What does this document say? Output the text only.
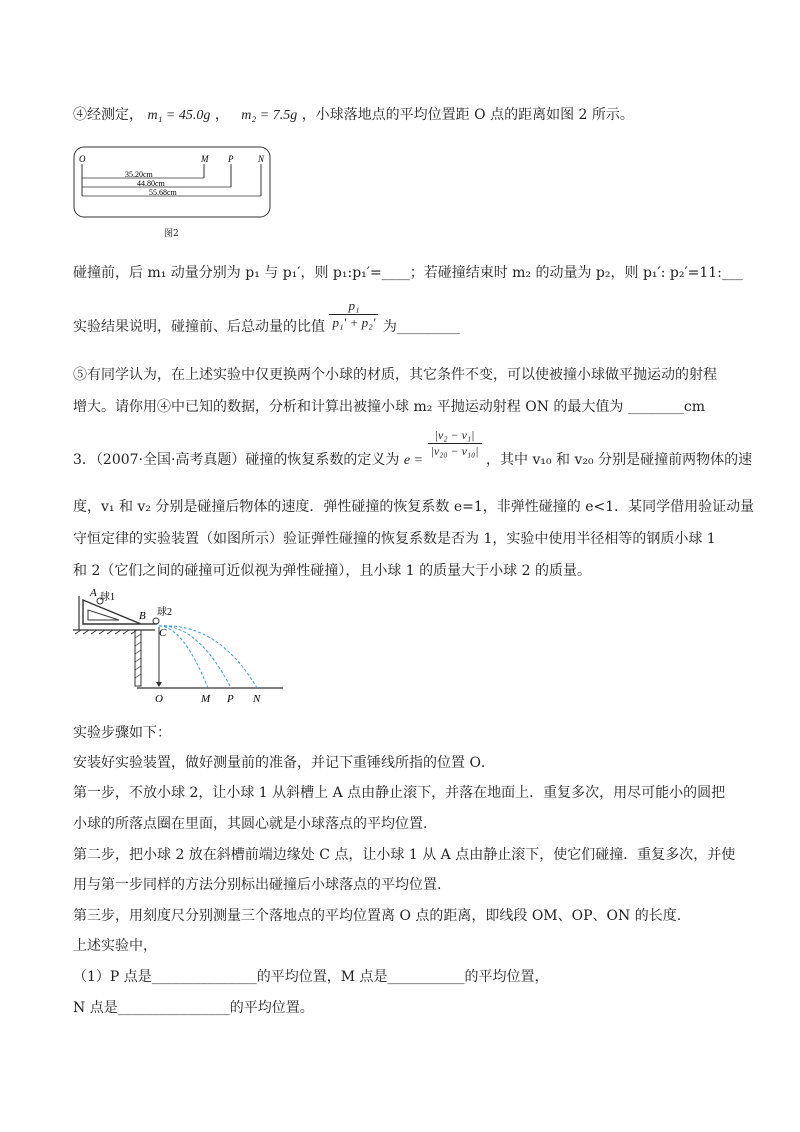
④经测定， m₁ = 45.0g ， m₂ = 7.5g ，小球落地点的平均位置距 O 点的距离如图 2 所示。
O	M P	N
35.20cm
44.80cm
55.68cm
图2
碰撞前，后 m₁ 动量分别为 p₁ 与 p₁′，则 p₁:p₁′=____；若碰撞结束时 m₂ 的动量为 p₂，则 p₁′: p₂′=11:___
实验结果说明，碰撞前、后总动量的比值 $\frac{\text{p₁}}{\text{p₁′ + p₂′}}$ 为_________
⑤有同学认为，在上述实验中仅更换两个小球的材质，其它条件不变，可以使被撞小球做平抛运动的射程
增大。请你用④中已知的数据，分析和计算出被撞小球 m₂ 平抛运动射程 ON 的最大值为 ________cm
3．（2007·全国·高考真题）碰撞的恢复系数的定义为 e =
$\frac{\text{|v₂ − v₁|}}{\text{|v₂₀ − v₁₀|}}$
，其中 v₁₀ 和 v₂₀ 分别是碰撞前两物体的速
度，v₁ 和 v₂ 分别是碰撞后物体的速度．弹性碰撞的恢复系数 e=1，非弹性碰撞的 e<1．某同学借用验证动量
守恒定律的实验装置（如图所示）验证弹性碰撞的恢复系数是否为 1，实验中使用半径相等的钢质小球 1
和 2（它们之间的碰撞可近似视为弹性碰撞），且小球 1 的质量大于小球 2 的质量。
A 球1
B 球2
C
O	M P N
实验步骤如下：
安装好实验装置，做好测量前的准备，并记下重锤线所指的位置 O．
第一步，不放小球 2，让小球 1 从斜槽上 A 点由静止滚下，并落在地面上．重复多次，用尽可能小的圆把
小球的所落点圈在里面，其圆心就是小球落点的平均位置.
第二步，把小球 2 放在斜槽前端边缘处 C 点，让小球 1 从 A 点由静止滚下，使它们碰撞．重复多次，并使
用与第一步同样的方法分别标出碰撞后小球落点的平均位置.
第三步，用刻度尺分别测量三个落地点的平均位置离 O 点的距离，即线段 OM、OP、ON 的长度.
上述实验中，
（1）P 点是_______________的平均位置，M 点是___________的平均位置，
N 点是________________的平均位置。
